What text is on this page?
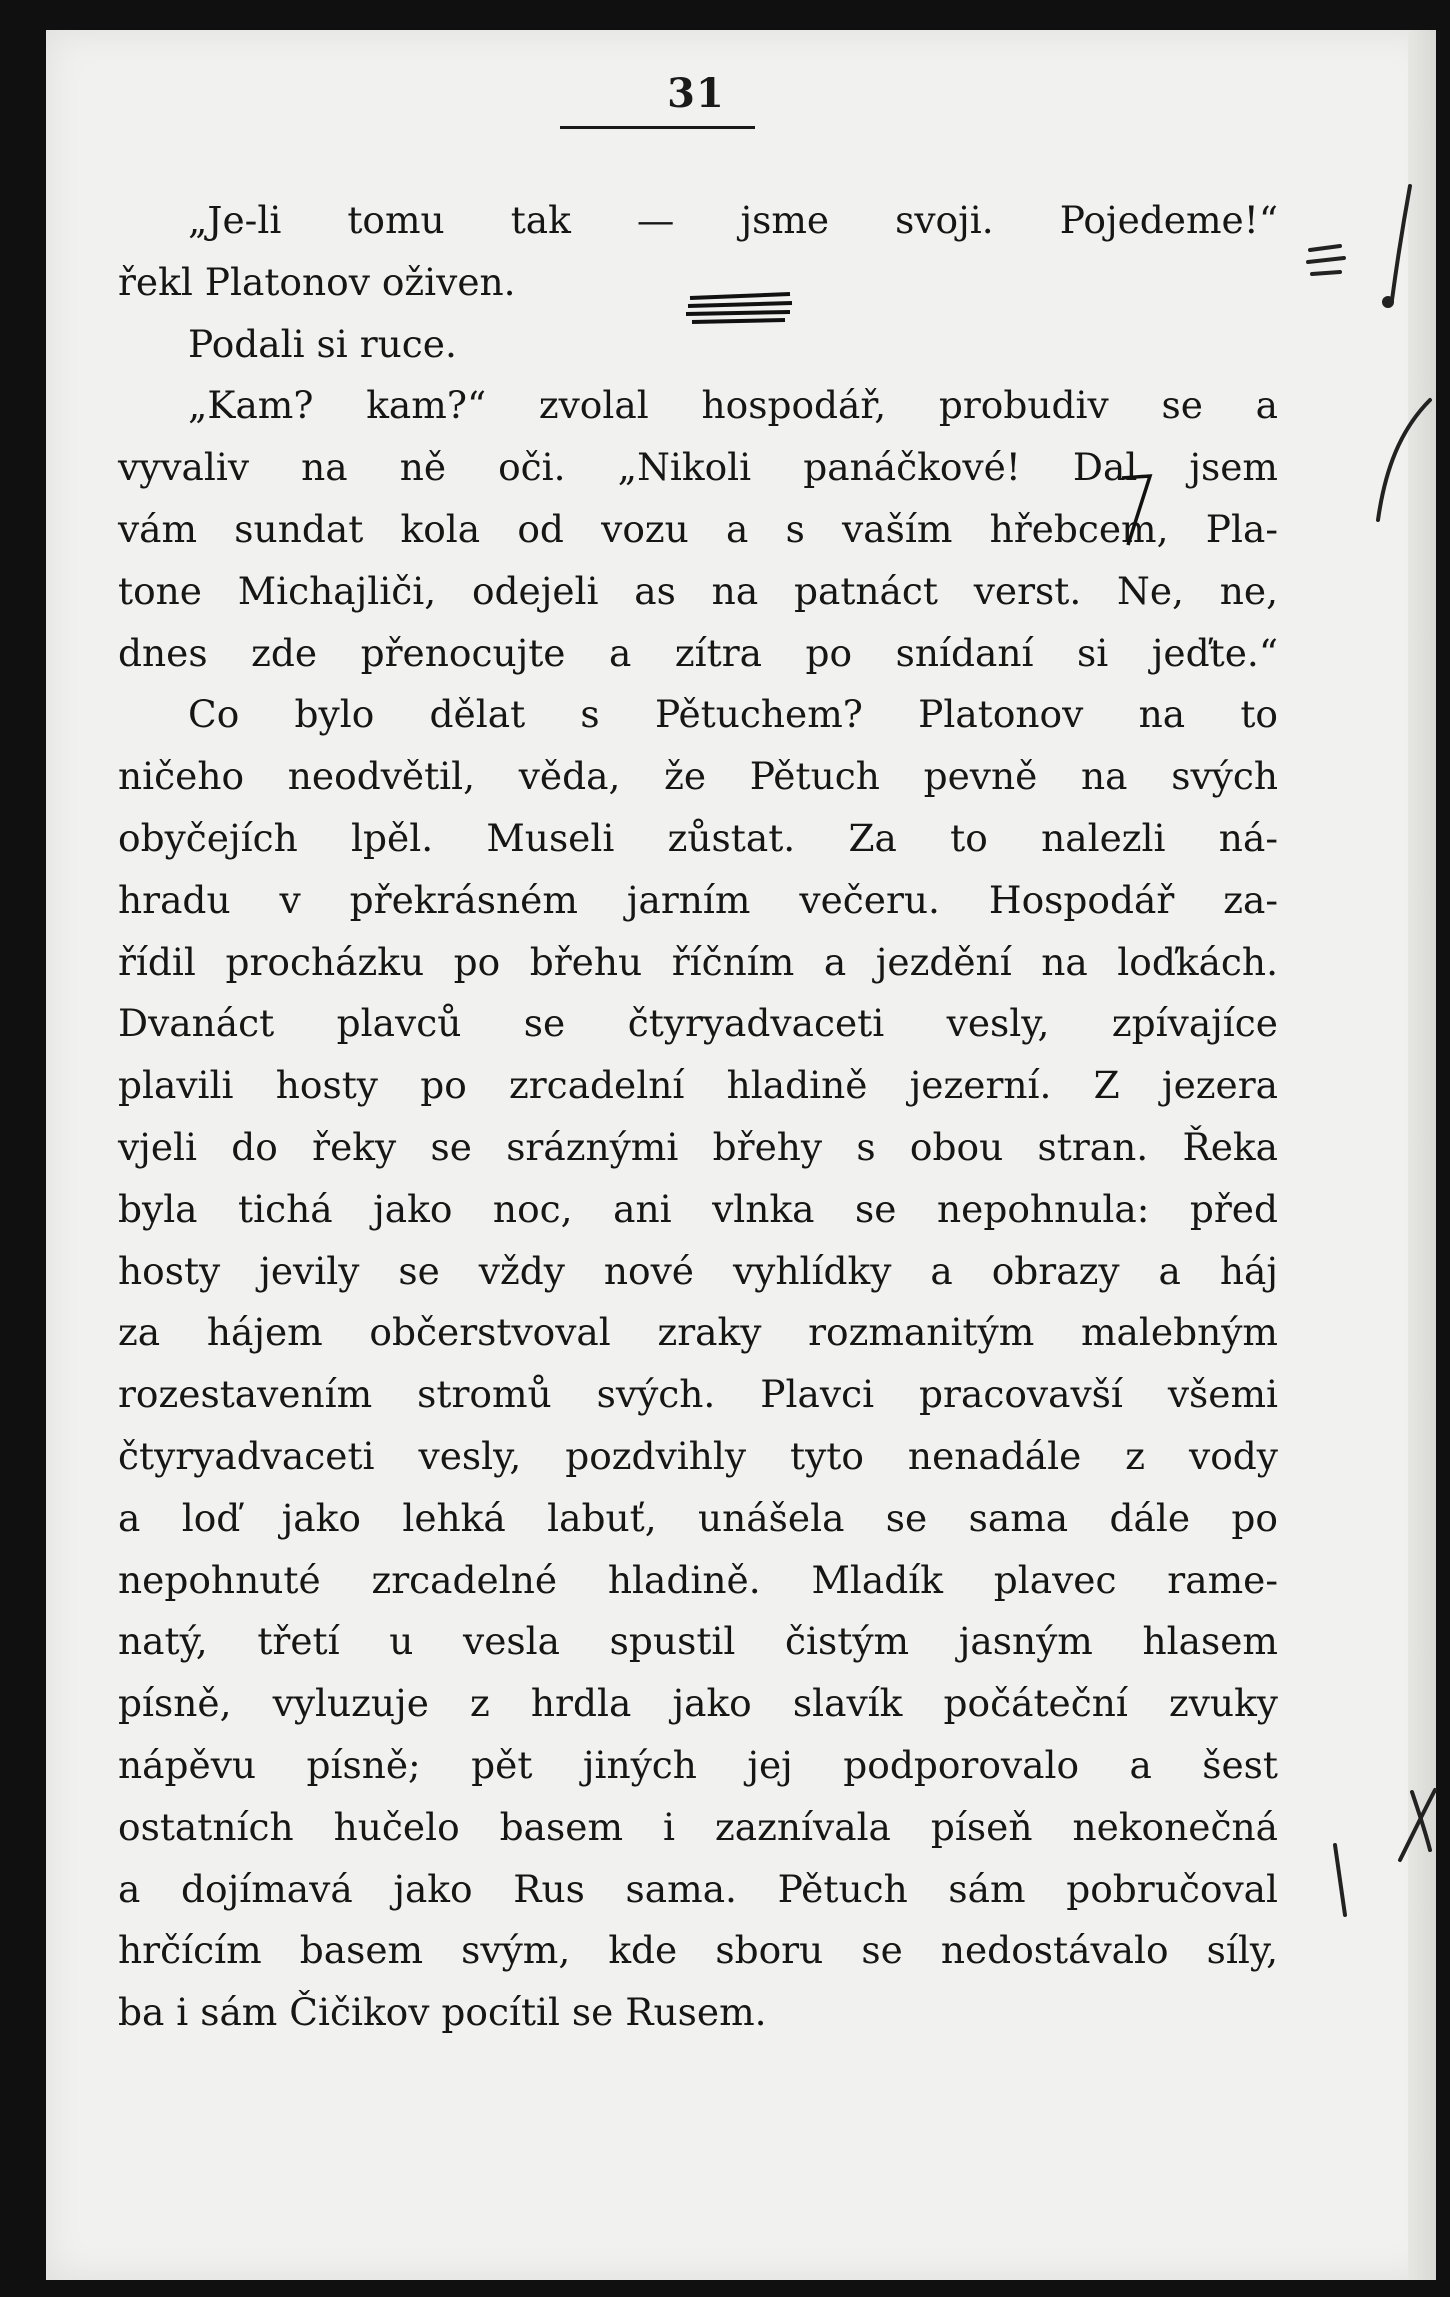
31
„Je-li tomu tak — jsme svoji. Pojedeme!“
řekl Platonov oživen.
Podali si ruce.
„Kam? kam?“ zvolal hospodář, probudiv se a
vyvaliv na ně oči. „Nikoli panáčkové! Dal jsem
vám sundat kola od vozu a s vaším hřebcem, Pla-
tone Michajliči, odejeli as na patnáct verst. Ne, ne,
dnes zde přenocujte a zítra po snídaní si jeďte.“
Co bylo dělat s Pětuchem? Platonov na to
ničeho neodvětil, věda, že Pětuch pevně na svých
obyčejích lpěl. Museli zůstat. Za to nalezli ná-
hradu v překrásném jarním večeru. Hospodář za-
řídil procházku po břehu říčním a jezdění na loďkách.
Dvanáct plavců se čtyryadvaceti vesly, zpívajíce
plavili hosty po zrcadelní hladině jezerní. Z jezera
vjeli do řeky se sráznými břehy s obou stran. Řeka
byla tichá jako noc, ani vlnka se nepohnula: před
hosty jevily se vždy nové vyhlídky a obrazy a háj
za hájem občerstvoval zraky rozmanitým malebným
rozestavením stromů svých. Plavci pracovavší všemi
čtyryadvaceti vesly, pozdvihly tyto nenadále z vody
a loď jako lehká labuť, unášela se sama dále po
nepohnuté zrcadelné hladině. Mladík plavec rame-
natý, třetí u vesla spustil čistým jasným hlasem
písně, vyluzuje z hrdla jako slavík počáteční zvuky
nápěvu písně; pět jiných jej podporovalo a šest
ostatních hučelo basem i zaznívala píseň nekonečná
a dojímavá jako Rus sama. Pětuch sám pobručoval
hrčícím basem svým, kde sboru se nedostávalo síly,
ba i sám Čičikov pocítil se Rusem.
